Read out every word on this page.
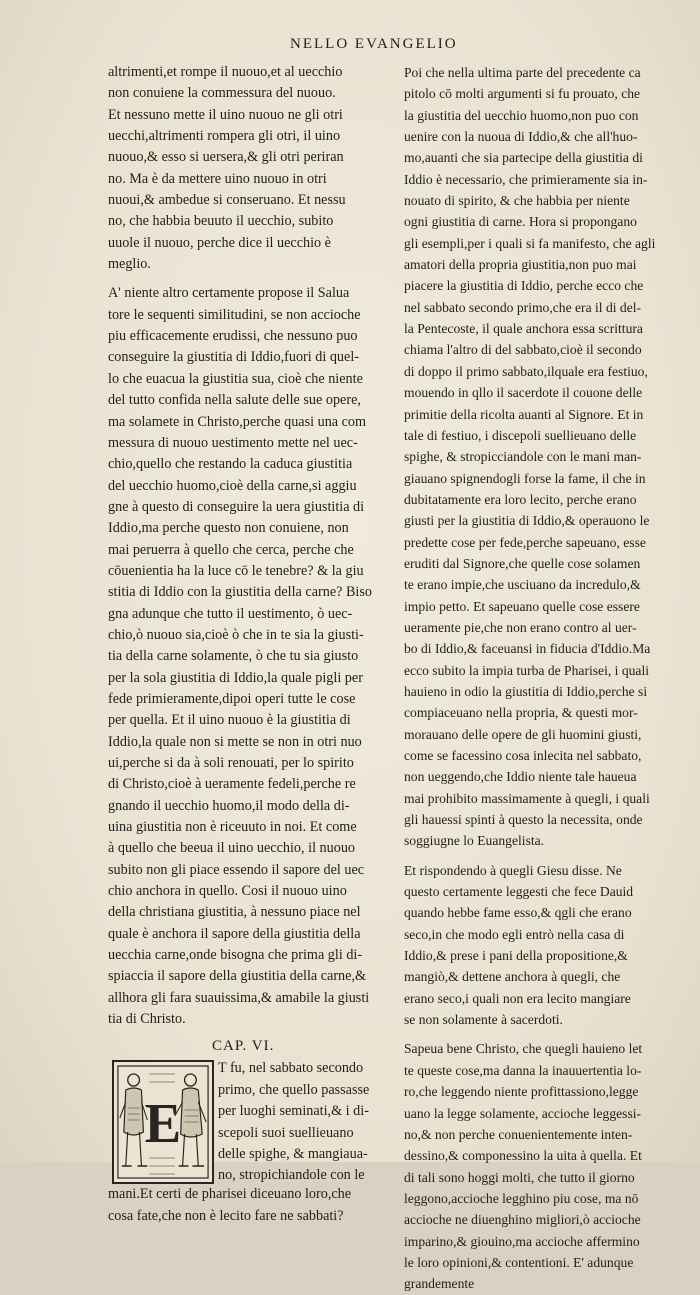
NELLO EVANGELIO
altrimenti,et rompe il nuouo,et al uecchio
non conuiene la commessura del nuouo.
Et nessuno mette il uino nuouo ne gli otri
uecchi,altrimenti rompera gli otri, il uino
nuouo,& esso si uersera,& gli otri periran
no. Ma è da mettere uino nuouo in otri
nuoui,& ambedue si conseruano. Et nessu
no, che habbia beuuto il uecchio, subito
uuole il nuouo, perche dice il uecchio è
meglio.
A' niente altro certamente propose il Salua
tore le sequenti similitudini, se non accioche
piu efficacemente erudissi, che nessuno puo
conseguire la giustitia di Iddio,fuori di quel-
lo che euacua la giustitia sua, cioè che niente
del tutto confida nella salute delle sue opere,
ma solamete in Christo,perche quasi una com
messura di nuouo uestimento mette nel uec-
chio,quello che restando la caduca giustitia
del uecchio huomo,cioè della carne,si aggiu
gne à questo di conseguire la uera giustitia di
Iddio,ma perche questo non conuiene, non
mai peruerra à quello che cerca, perche che
cōuenientia ha la luce cō le tenebre? & la giu
stitia di Iddio con la giustitia della carne? Biso
gna adunque che tutto il uestimento, ò uec-
chio,ò nuouo sia,cioè ò che in te sia la giusti-
tia della carne solamente, ò che tu sia giusto
per la sola giustitia di Iddio,la quale pigli per
fede primieramente,dipoi operi tutte le cose
per quella. Et il uino nuouo è la giustitia di
Iddio,la quale non si mette se non in otri nuo
ui,perche si da à soli renouati, per lo spirito
di Christo,cioè à ueramente fedeli,perche re
gnando il uecchio huomo,il modo della di-
uina giustitia non è riceuuto in noi. Et come
à quello che beeua il uino uecchio, il nuouo
subito non gli piace essendo il sapore del uec
chio anchora in quello. Cosi il nuouo uino
della christiana giustitia, à nessuno piace nel
quale è anchora il sapore della giustitia della
uecchia carne,onde bisogna che prima gli di-
spiaccia il sapore della giustitia della carne,&
allhora gli fara suauissima,& amabile la giusti
tia di Christo.
CAP. VI.
E
T fu, nel sabbato secondo
primo, che quello passasse
per luoghi seminati,& i di-
scepoli suoi suellieuano
delle spighe, & mangiaua-
no, stropichiandole con le
mani.Et certi de pharisei diceuano loro,che
cosa fate,che non è lecito fare ne sabbati?
Poi che nella ultima parte del precedente ca
pitolo cō molti argumenti si fu prouato, che
la giustitia del uecchio huomo,non puo con
uenire con la nuoua di Iddio,& che all'huo-
mo,auanti che sia partecipe della giustitia di
Iddio è necessario, che primieramente sia in-
nouato di spirito, & che habbia per niente
ogni giustitia di carne. Hora si propongano
gli esempli,per i quali si fa manifesto, che agli
amatori della propria giustitia,non puo mai
piacere la giustitia di Iddio, perche ecco che
nel sabbato secondo primo,che era il di del-
la Pentecoste, il quale anchora essa scrittura
chiama l'altro di del sabbato,cioè il secondo
di doppo il primo sabbato,ilquale era festiuo,
mouendo in qllo il sacerdote il couone delle
primitie della ricolta auanti al Signore. Et in
tale di festiuo, i discepoli suellieuano delle
spighe, & stropicciandole con le mani man-
giauano spignendogli forse la fame, il che in
dubitatamente era loro lecito, perche erano
giusti per la giustitia di Iddio,& operauono le
predette cose per fede,perche sapeuano, esse
eruditi dal Signore,che quelle cose solamen
te erano impie,che usciuano da incredulo,&
impio petto. Et sapeuano quelle cose essere
ueramente pie,che non erano contro al uer-
bo di Iddio,& faceuansi in fiducia d'Iddio.Ma
ecco subito la impia turba de Pharisei, i quali
hauieno in odio la giustitia di Iddio,perche si
compiaceuano nella propria, & questi mor-
morauano delle opere de gli huomini giusti,
come se facessino cosa inlecita nel sabbato,
non ueggendo,che Iddio niente tale haueua
mai prohibito massimamente à quegli, i quali
gli hauessi spinti à questo la necessita, onde
soggiugne lo Euangelista.
Et rispondendo à quegli Giesu disse. Ne
questo certamente leggesti che fece Dauid
quando hebbe fame esso,& qgli che erano
seco,in che modo egli entrò nella casa di
Iddio,& prese i pani della propositione,&
mangiò,& dettene anchora à quegli, che
erano seco,i quali non era lecito mangiare
se non solamente à sacerdoti.
Sapeua bene Christo, che quegli hauieno let
te queste cose,ma danna la inauuertentia lo-
ro,che leggendo niente profittassiono,legge
uano la legge solamente, accioche leggessi-
no,& non perche conuenientemente inten-
dessino,& componessino la uita à quella. Et
di tali sono hoggi molti, che tutto il giorno
leggono,accioche legghino piu cose, ma nō
accioche ne diuenghino migliori,ò accioche
imparino,& giouino,ma accioche affermino
le loro opinioni,& contentioni. E' adunque
grandemente
